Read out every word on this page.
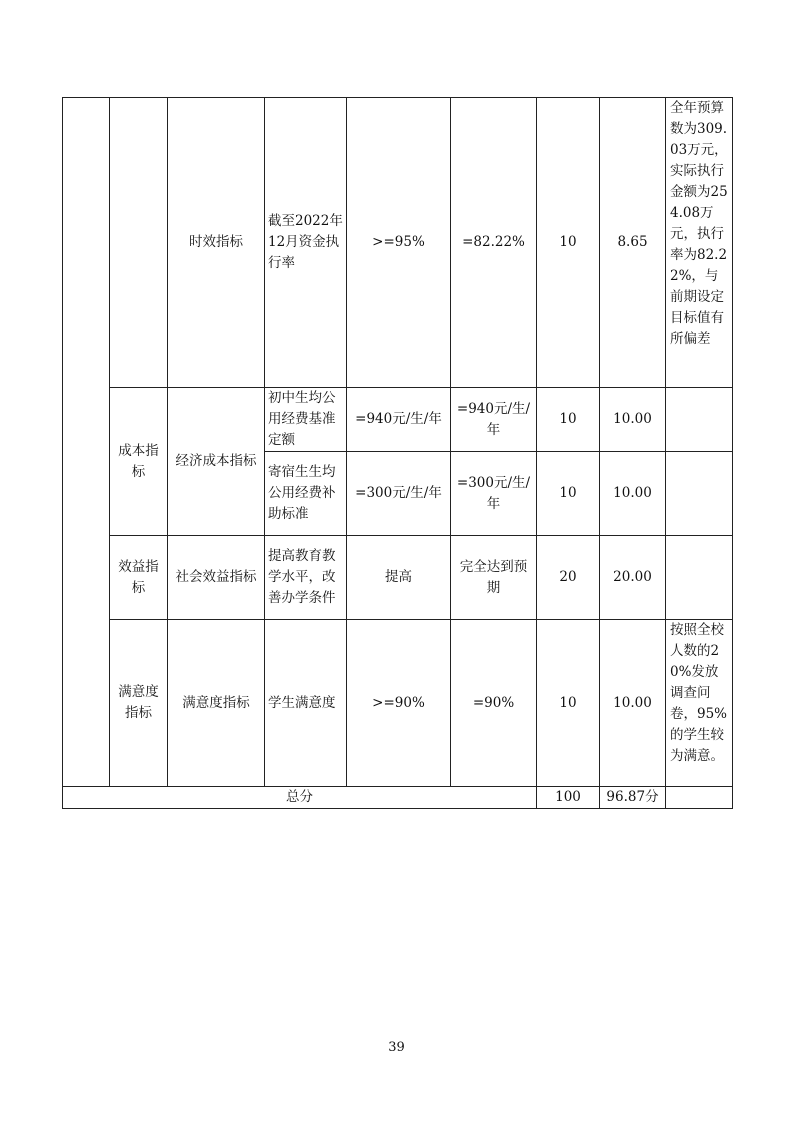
		时效指标	截至2022年12月资金执行率	>=95%	=82.22%	10	8.65	全年预算数为309.03万元，实际执行金额为254.08万元，执行率为82.22%，与前期设定目标值有所偏差
	成本指标	经济成本指标	初中生均公用经费基准定额	=940元/生/年	=940元/生/年	10	10.00	
			寄宿生生均公用经费补助标准	=300元/生/年	=300元/生/年	10	10.00	
	效益指标	社会效益指标	提高教育教学水平，改善办学条件	提高	完全达到预期	20	20.00	
	满意度指标	满意度指标	学生满意度	>=90%	=90%	10	10.00	按照全校人数的20%发放调查问卷，95%的学生较为满意。
总分						100	96.87分	
39
